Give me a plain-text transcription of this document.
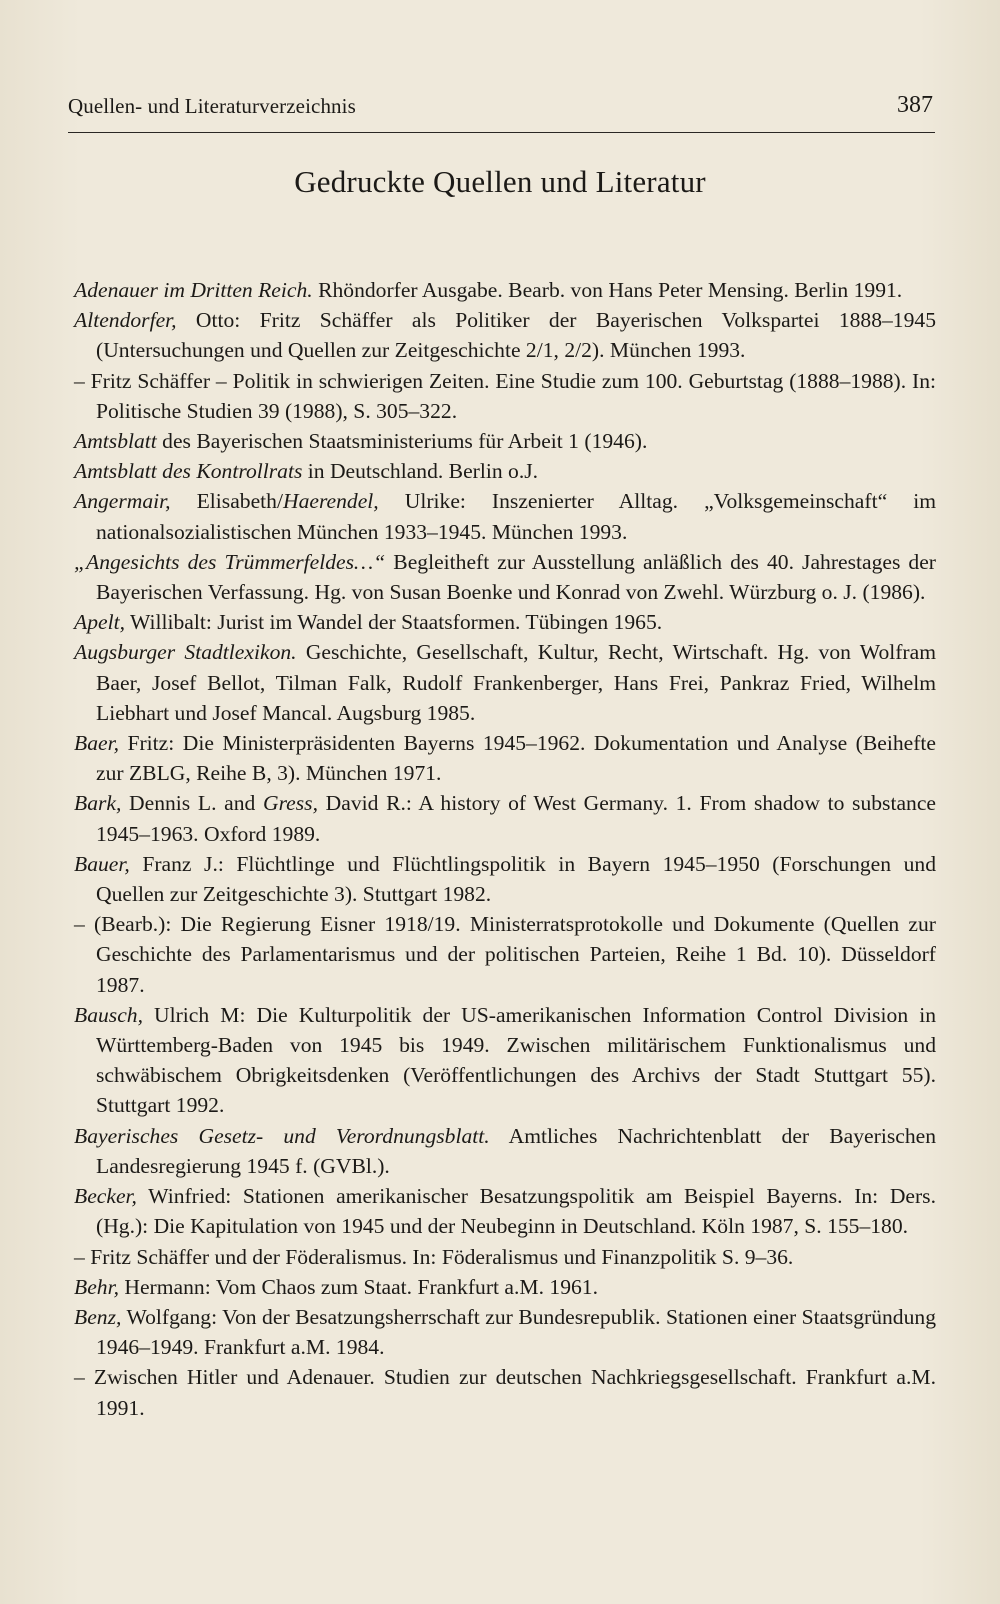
Quellen- und Literaturverzeichnis	387
Gedruckte Quellen und Literatur
Adenauer im Dritten Reich. Rhöndorfer Ausgabe. Bearb. von Hans Peter Mensing. Berlin 1991.
Altendorfer, Otto: Fritz Schäffer als Politiker der Bayerischen Volkspartei 1888–1945 (Untersuchungen und Quellen zur Zeitgeschichte 2/1, 2/2). München 1993.
– Fritz Schäffer – Politik in schwierigen Zeiten. Eine Studie zum 100. Geburtstag (1888–1988). In: Politische Studien 39 (1988), S. 305–322.
Amtsblatt des Bayerischen Staatsministeriums für Arbeit 1 (1946).
Amtsblatt des Kontrollrats in Deutschland. Berlin o.J.
Angermair, Elisabeth/Haerendel, Ulrike: Inszenierter Alltag. „Volksgemeinschaft“ im nationalsozialistischen München 1933–1945. München 1993.
„Angesichts des Trümmerfeldes…“ Begleitheft zur Ausstellung anläßlich des 40. Jahrestages der Bayerischen Verfassung. Hg. von Susan Boenke und Konrad von Zwehl. Würzburg o. J. (1986).
Apelt, Willibalt: Jurist im Wandel der Staatsformen. Tübingen 1965.
Augsburger Stadtlexikon. Geschichte, Gesellschaft, Kultur, Recht, Wirtschaft. Hg. von Wolfram Baer, Josef Bellot, Tilman Falk, Rudolf Frankenberger, Hans Frei, Pankraz Fried, Wilhelm Liebhart und Josef Mancal. Augsburg 1985.
Baer, Fritz: Die Ministerpräsidenten Bayerns 1945–1962. Dokumentation und Analyse (Beihefte zur ZBLG, Reihe B, 3). München 1971.
Bark, Dennis L. and Gress, David R.: A history of West Germany. 1. From shadow to substance 1945–1963. Oxford 1989.
Bauer, Franz J.: Flüchtlinge und Flüchtlingspolitik in Bayern 1945–1950 (Forschungen und Quellen zur Zeitgeschichte 3). Stuttgart 1982.
– (Bearb.): Die Regierung Eisner 1918/19. Ministerratsprotokolle und Dokumente (Quellen zur Geschichte des Parlamentarismus und der politischen Parteien, Reihe 1 Bd. 10). Düsseldorf 1987.
Bausch, Ulrich M: Die Kulturpolitik der US-amerikanischen Information Control Division in Württemberg-Baden von 1945 bis 1949. Zwischen militärischem Funktionalismus und schwäbischem Obrigkeitsdenken (Veröffentlichungen des Archivs der Stadt Stuttgart 55). Stuttgart 1992.
Bayerisches Gesetz- und Verordnungsblatt. Amtliches Nachrichtenblatt der Bayerischen Landesregierung 1945 f. (GVBl.).
Becker, Winfried: Stationen amerikanischer Besatzungspolitik am Beispiel Bayerns. In: Ders. (Hg.): Die Kapitulation von 1945 und der Neubeginn in Deutschland. Köln 1987, S. 155–180.
– Fritz Schäffer und der Föderalismus. In: Föderalismus und Finanzpolitik S. 9–36.
Behr, Hermann: Vom Chaos zum Staat. Frankfurt a.M. 1961.
Benz, Wolfgang: Von der Besatzungsherrschaft zur Bundesrepublik. Stationen einer Staatsgründung 1946–1949. Frankfurt a.M. 1984.
– Zwischen Hitler und Adenauer. Studien zur deutschen Nachkriegsgesellschaft. Frankfurt a.M. 1991.
